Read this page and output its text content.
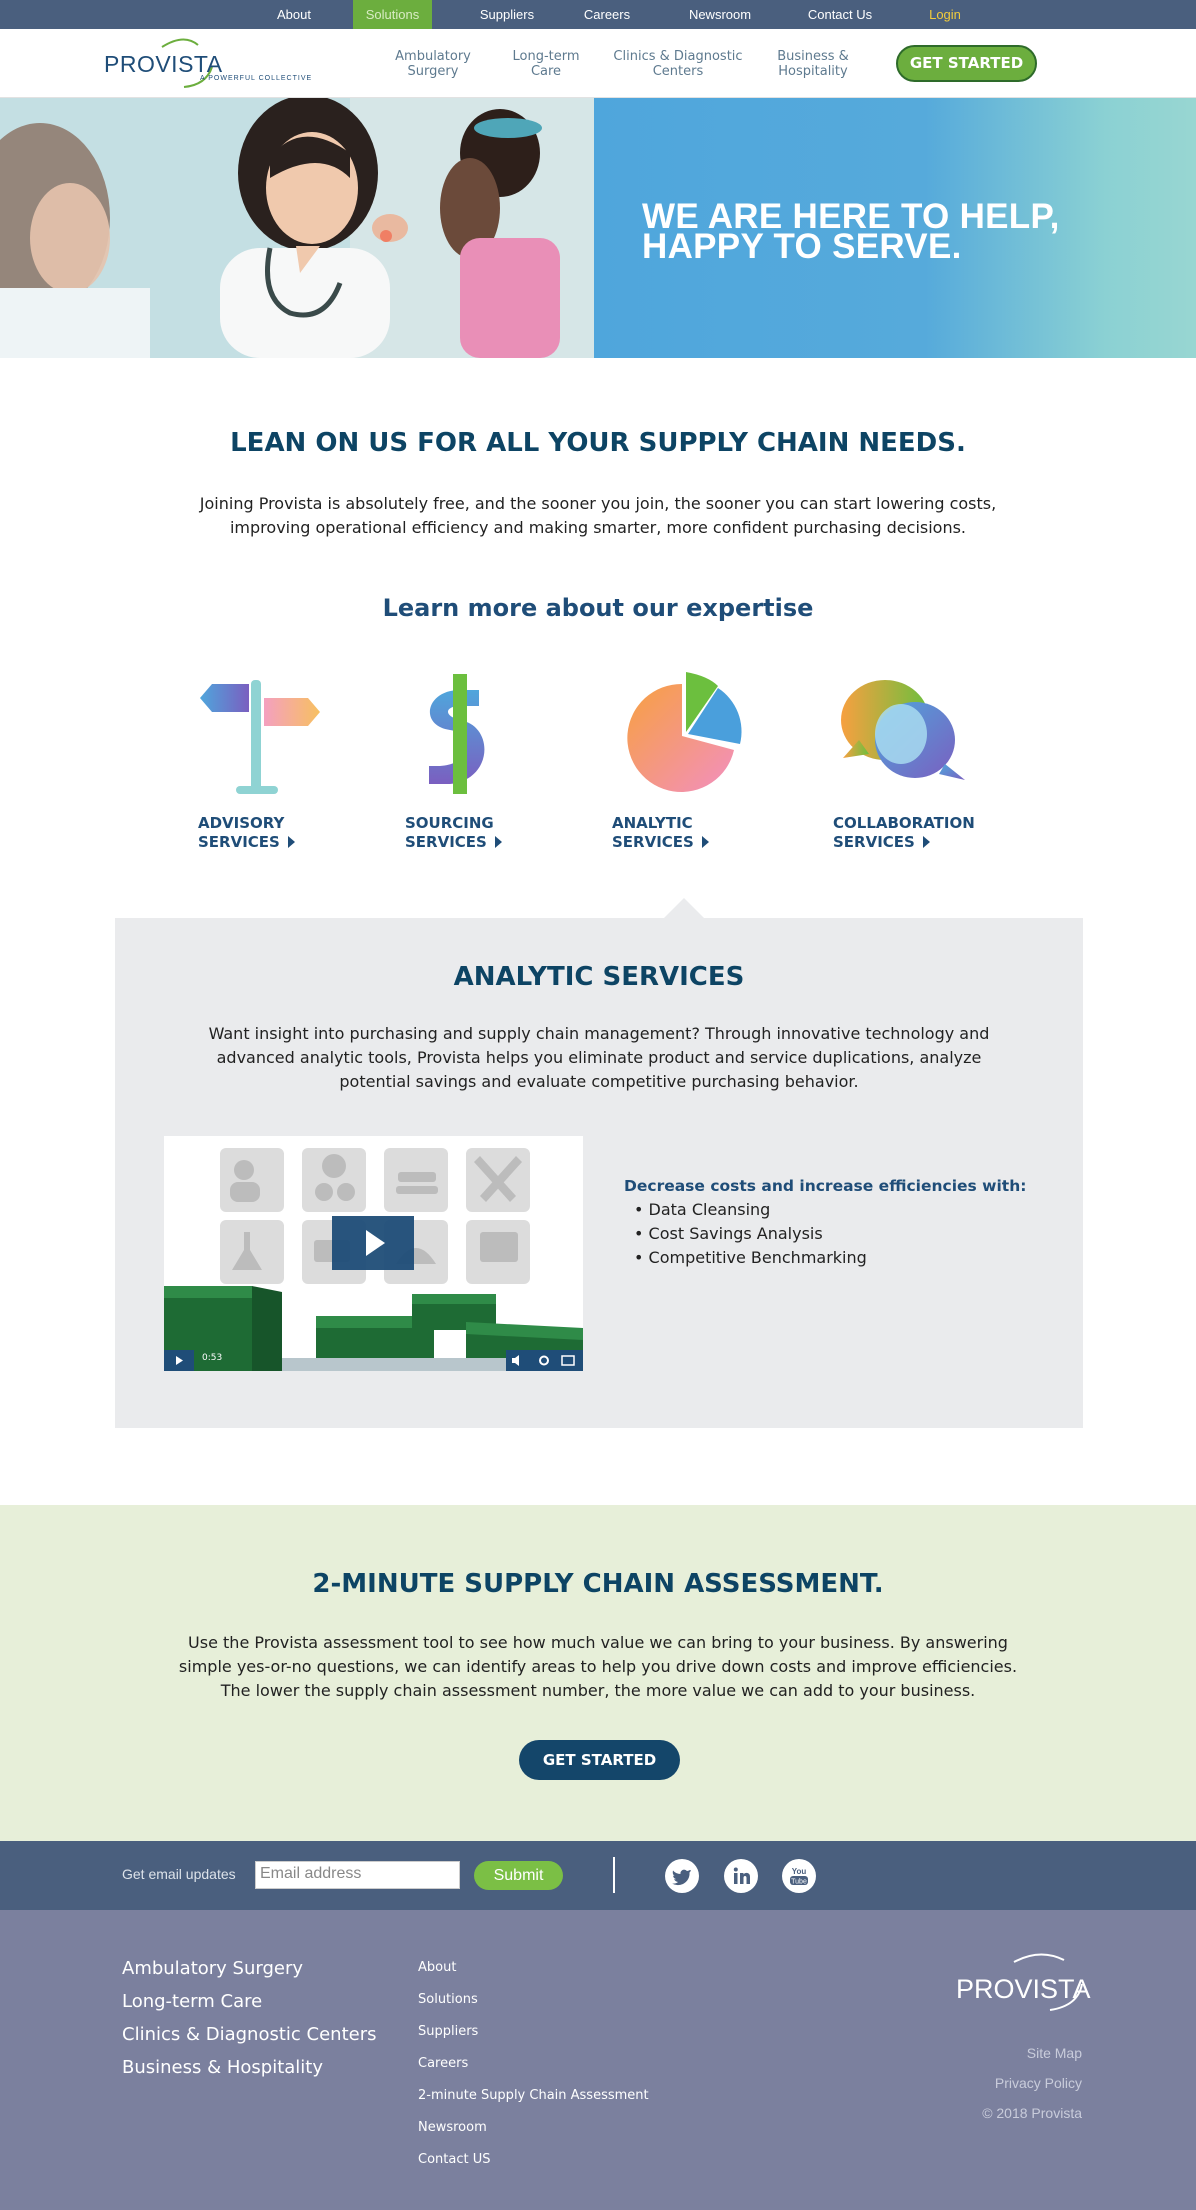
About	Solutions	Suppliers	Careers	Newsroom	Contact Us	Login
PROVISTA
A POWERFUL COLLECTIVE
Ambulatory
Surgery
Long-term
Care
Clinics & Diagnostic
Centers
Business &
Hospitality	GET STARTED
WE ARE HERE TO HELP,
HAPPY TO SERVE.
LEAN ON US FOR ALL YOUR SUPPLY CHAIN NEEDS.

Joining Provista is absolutely free, and the sooner you join, the sooner you can start lowering costs, improving operational efficiency and making smarter, more confident purchasing decisions.

Learn more about our expertise
ADVISORY
SERVICES
SOURCING
SERVICES
ANALYTIC
SERVICES
COLLABORATION
SERVICES
ANALYTIC SERVICES

Want insight into purchasing and supply chain management? Through innovative technology and advanced analytic tools, Provista helps you eliminate product and service duplications, analyze potential savings and evaluate competitive purchasing behavior.

0:53
Decrease costs and increase efficiencies with:
• Data Cleansing
• Cost Savings Analysis
• Competitive Benchmarking
2-MINUTE SUPPLY CHAIN ASSESSMENT.

Use the Provista assessment tool to see how much value we can bring to your business. By answering simple yes-or-no questions, we can identify areas to help you drive down costs and improve efficiencies. The lower the supply chain assessment number, the more value we can add to your business.

GET STARTED
Get email updates	Email address	Submit	You
Tube
Ambulatory Surgery
Long-term Care
Clinics & Diagnostic Centers
Business & Hospitality
About
Solutions
Suppliers
Careers
2-minute Supply Chain Assessment
Newsroom
Contact US
PROVISTA
Site Map
Privacy Policy
© 2018 Provista
